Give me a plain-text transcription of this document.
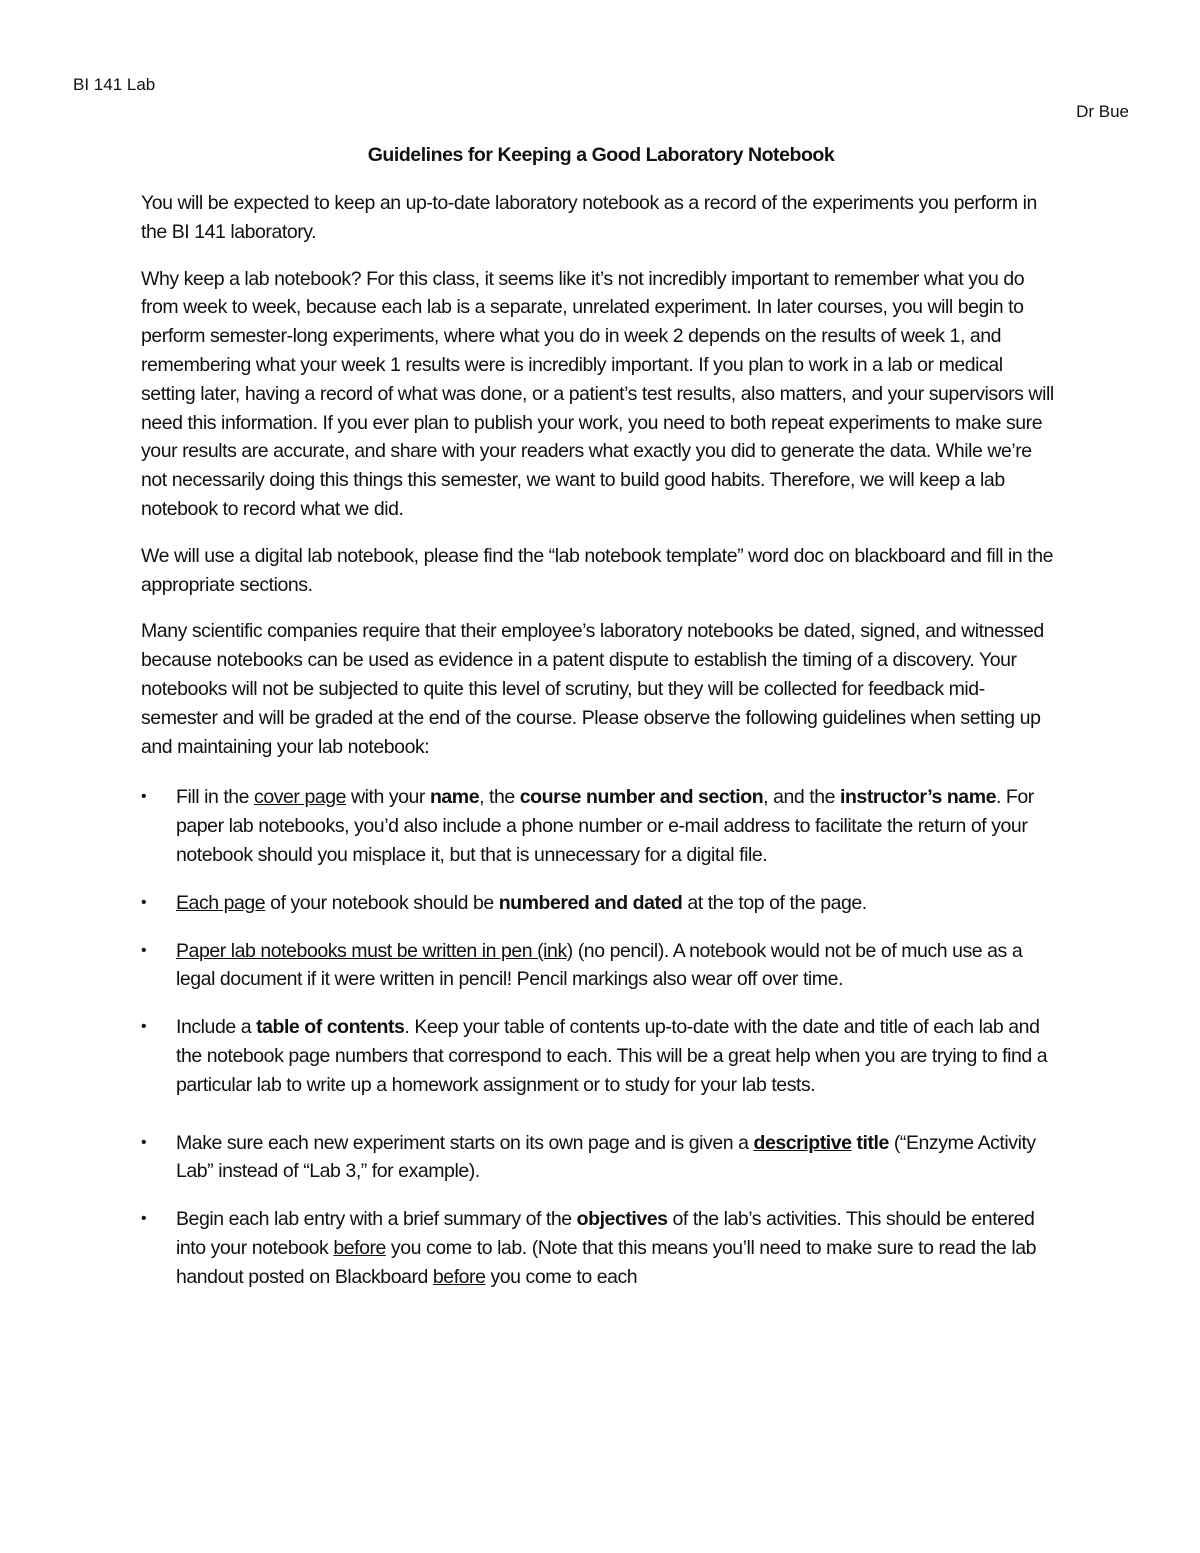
BI 141 Lab
Dr Bue
Guidelines for Keeping a Good Laboratory Notebook

You will be expected to keep an up-to-date laboratory notebook as a record of the experiments you perform in the BI 141 laboratory.

Why keep a lab notebook? For this class, it seems like it’s not incredibly important to remember what you do from week to week, because each lab is a separate, unrelated experiment. In later courses, you will begin to perform semester-long experiments, where what you do in week 2 depends on the results of week 1, and remembering what your week 1 results were is incredibly important. If you plan to work in a lab or medical setting later, having a record of what was done, or a patient’s test results, also matters, and your supervisors will need this information. If you ever plan to publish your work, you need to both repeat experiments to make sure your results are accurate, and share with your readers what exactly you did to generate the data. While we’re not necessarily doing this things this semester, we want to build good habits. Therefore, we will keep a lab notebook to record what we did.

We will use a digital lab notebook, please find the “lab notebook template” word doc on blackboard and fill in the appropriate sections.

Many scientific companies require that their employee’s laboratory notebooks be dated, signed, and witnessed because notebooks can be used as evidence in a patent dispute to establish the timing of a discovery. Your notebooks will not be subjected to quite this level of scrutiny, but they will be collected for feedback mid-semester and will be graded at the end of the course. Please observe the following guidelines when setting up and maintaining your lab notebook:

• Fill in the cover page with your name, the course number and section, and the instructor’s name. For paper lab notebooks, you’d also include a phone number or e-mail address to facilitate the return of your notebook should you misplace it, but that is unnecessary for a digital file.
• Each page of your notebook should be numbered and dated at the top of the page.
• Paper lab notebooks must be written in pen (ink) (no pencil). A notebook would not be of much use as a legal document if it were written in pencil! Pencil markings also wear off over time.
• Include a table of contents. Keep your table of contents up-to-date with the date and title of each lab and the notebook page numbers that correspond to each. This will be a great help when you are trying to find a particular lab to write up a homework assignment or to study for your lab tests.
• Make sure each new experiment starts on its own page and is given a descriptive title (“Enzyme Activity Lab” instead of “Lab 3,” for example).
• Begin each lab entry with a brief summary of the objectives of the lab’s activities. This should be entered into your notebook before you come to lab. (Note that this means you’ll need to make sure to read the lab handout posted on Blackboard before you come to each
